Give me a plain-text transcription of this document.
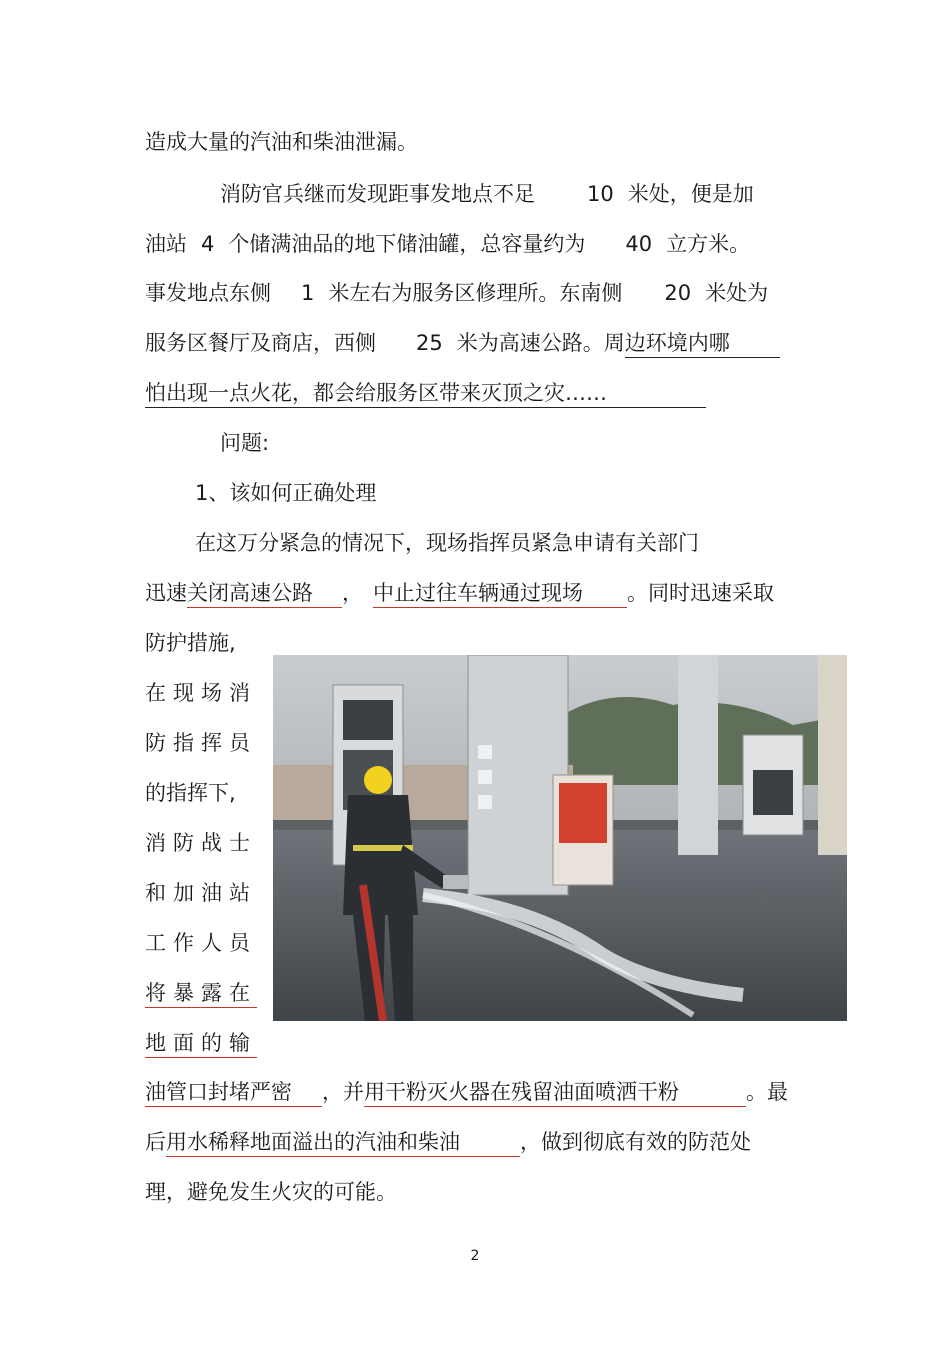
造成大量的汽油和柴油泄漏。
消防官兵继而发现距事发地点不足 10 米处，便是加
油站 4 个储满油品的地下储油罐，总容量约为 40 立方米。
事发地点东侧 1 米左右为服务区修理所。东南侧 20 米处为
服务区餐厅及商店，西侧 25 米为高速公路。周边环境内哪
怕出现一点火花，都会给服务区带来灭顶之灾……
问题:
1、该如何正确处理
在这万分紧急的情况下，现场指挥员紧急申请有关部门
迅速关闭高速公路 ， 中止过往车辆通过现场 。同时迅速采取
防护措施,
在现场消
防指挥员
的指挥下,
消防战士
和加油站
工作人员
将暴露在
地面的输
油管口封堵严密 ，并用干粉灭火器在残留油面喷洒干粉	。最
后用水稀释地面溢出的汽油和柴油	，做到彻底有效的防范处
理，避免发生火灾的可能。
2
